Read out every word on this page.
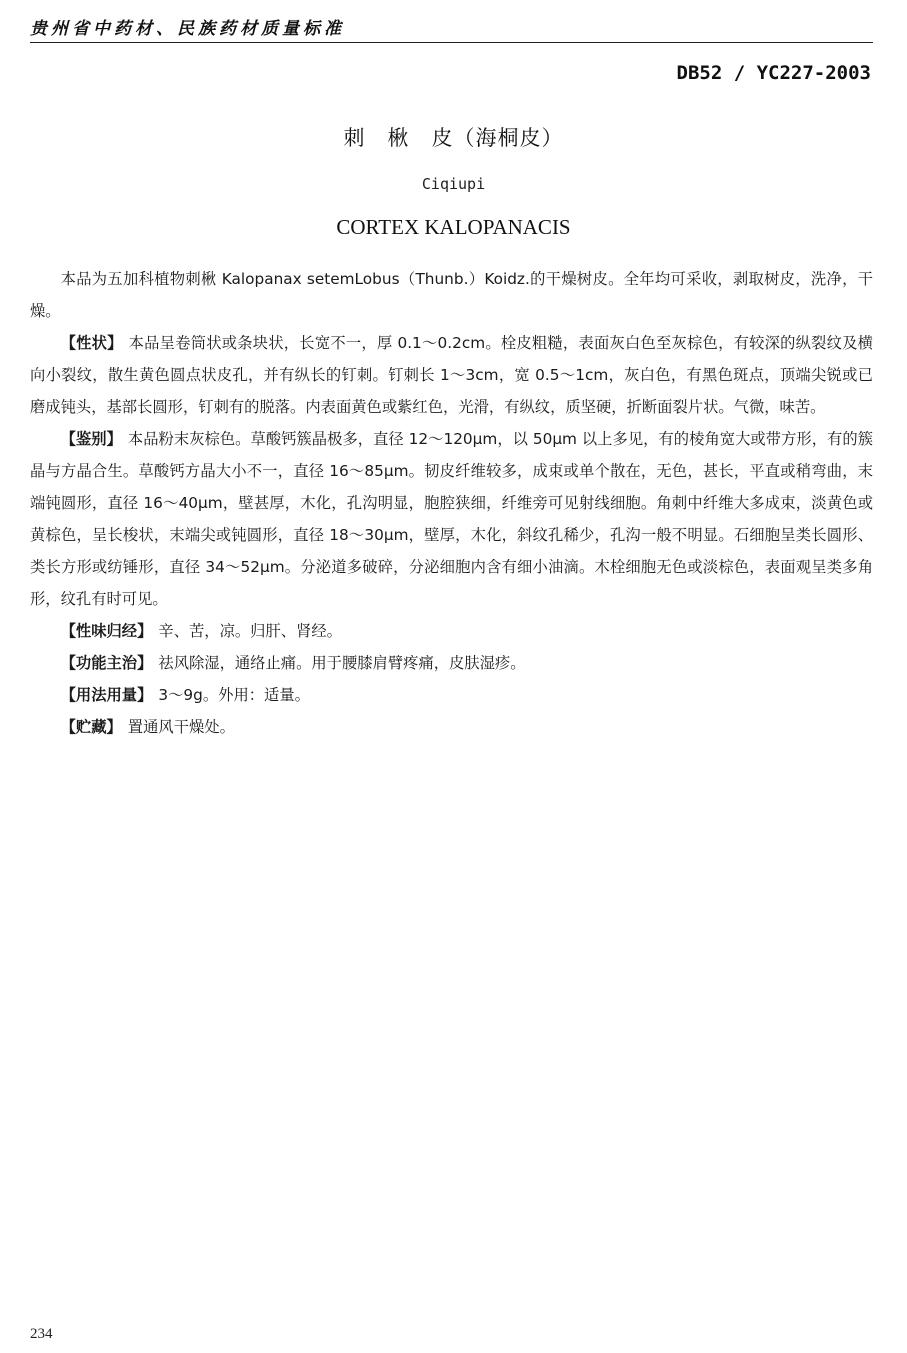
贵州省中药材、民族药材质量标准
DB52 / YC227-2003
刺　楸　皮（海桐皮）
Ciqiupi
CORTEX KALOPANACIS

本品为五加科植物刺楸 Kalopanax setemLobus（Thunb.）Koidz.的干燥树皮。全年均可采收，剥取树皮，洗净，干燥。

【性状】 本品呈卷筒状或条块状，长宽不一，厚 0.1～0.2cm。栓皮粗糙，表面灰白色至灰棕色，有较深的纵裂纹及横向小裂纹，散生黄色圆点状皮孔，并有纵长的钉刺。钉刺长 1～3cm，宽 0.5～1cm，灰白色，有黑色斑点，顶端尖锐或已磨成钝头，基部长圆形，钉刺有的脱落。内表面黄色或紫红色，光滑，有纵纹，质坚硬，折断面裂片状。气微，味苦。

【鉴别】 本品粉末灰棕色。草酸钙簇晶极多，直径 12～120μm，以 50μm 以上多见，有的棱角宽大或带方形，有的簇晶与方晶合生。草酸钙方晶大小不一，直径 16～85μm。韧皮纤维较多，成束或单个散在，无色，甚长，平直或稍弯曲，末端钝圆形，直径 16～40μm，壁甚厚，木化，孔沟明显，胞腔狭细，纤维旁可见射线细胞。角刺中纤维大多成束，淡黄色或黄棕色，呈长梭状，末端尖或钝圆形，直径 18～30μm，壁厚，木化，斜纹孔稀少，孔沟一般不明显。石细胞呈类长圆形、类长方形或纺锤形，直径 34～52μm。分泌道多破碎，分泌细胞内含有细小油滴。木栓细胞无色或淡棕色，表面观呈类多角形，纹孔有时可见。

【性味归经】 辛、苦，凉。归肝、肾经。

【功能主治】 祛风除湿，通络止痛。用于腰膝肩臂疼痛，皮肤湿疹。

【用法用量】 3～9g。外用：适量。

【贮藏】 置通风干燥处。

234
